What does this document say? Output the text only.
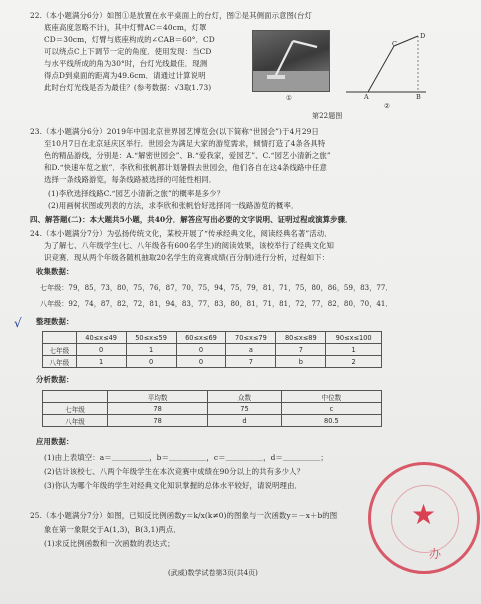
22.（本小题满分6分）如图①是放置在水平桌面上的台灯，图②是其侧面示意图(台灯
底座高度忽略不计)，其中灯臂AC＝40cm，灯罩
CD＝30cm，灯臂与底座构成的∠CAB＝60°．CD
可以绕点C上下调节一定的角度．使用发现：当CD
与水平线所成的角为30°时，台灯光线最佳．现测
得点D到桌面的距离为49.6cm．请通过计算说明
此时台灯光线是否为最佳？(参考数据：√3取1.73)
①
C
D
A	B
②
第22题图
23.（本小题满分6分）2019年中国北京世界园艺博览会(以下简称“世园会”)于4月29日
至10月7日在北京延庆区举行．世园会为满足大家的游览需求，倾情打造了4条各具特
色的精品游线，分别是：A.“解密世园会”、B.“爱我家，爱园艺”、C.“园艺小清新之旅”
和D.“快速车览之旅”．李欣和张帆都计划暑假去世园会，他们各自在这4条线路中任意
选择一条线路游览，每条线路被选择的可能性相同．
(1)李欣选择线路C.“园艺小清新之旅”的概率是多少？
(2)用画树状图或列表的方法，求李欣和张帆恰好选择同一线路游览的概率．
四、解答题(二)：本大题共5小题，共40分．解答应写出必要的文字说明、证明过程或演算步骤．
24.（本小题满分7分）为弘扬传统文化，某校开展了“传承经典文化，阅读经典名著”活动．
为了解七、八年级学生(七、八年级各有600名学生)的阅读效果，该校举行了经典文化知
识竞赛．现从两个年级各随机抽取20名学生的竞赛成绩(百分制)进行分析，过程如下：
收集数据：
七年级：79，85，73，80，75，76，87，70，75，94，75，79，81，71，75，80，86，59，83，77．
八年级：92，74，87，82，72，81，94，83，77，83，80，81，71，81，72，77，82，80，70，41．
整理数据：
	40≤x≤49	50≤x≤59	60≤x≤69	70≤x≤79	80≤x≤89	90≤x≤100
七年级	0	1	0	a	7	1
八年级	1	0	0	7	b	2
分析数据：
	平均数	众数	中位数
七年级	78	75	c
八年级	78	d	80.5
应用数据：
(1)由上表填空：a＝＿＿＿＿＿，b＝＿＿＿＿＿，c＝＿＿＿＿＿，d＝＿＿＿＿＿；
(2)估计该校七、八两个年级学生在本次竞赛中成绩在90分以上的共有多少人？
(3)你认为哪个年级的学生对经典文化知识掌握的总体水平较好，请说明理由．
25.（本小题满分7分）如图，已知反比例函数y＝k/x(k≠0)的图象与一次函数y＝－x＋b的图
象在第一象限交于A(1,3)，B(3,1)两点．
(1)求反比例函数和一次函数的表达式；
(武威)数学试卷第3页(共4页)
√
★
办
